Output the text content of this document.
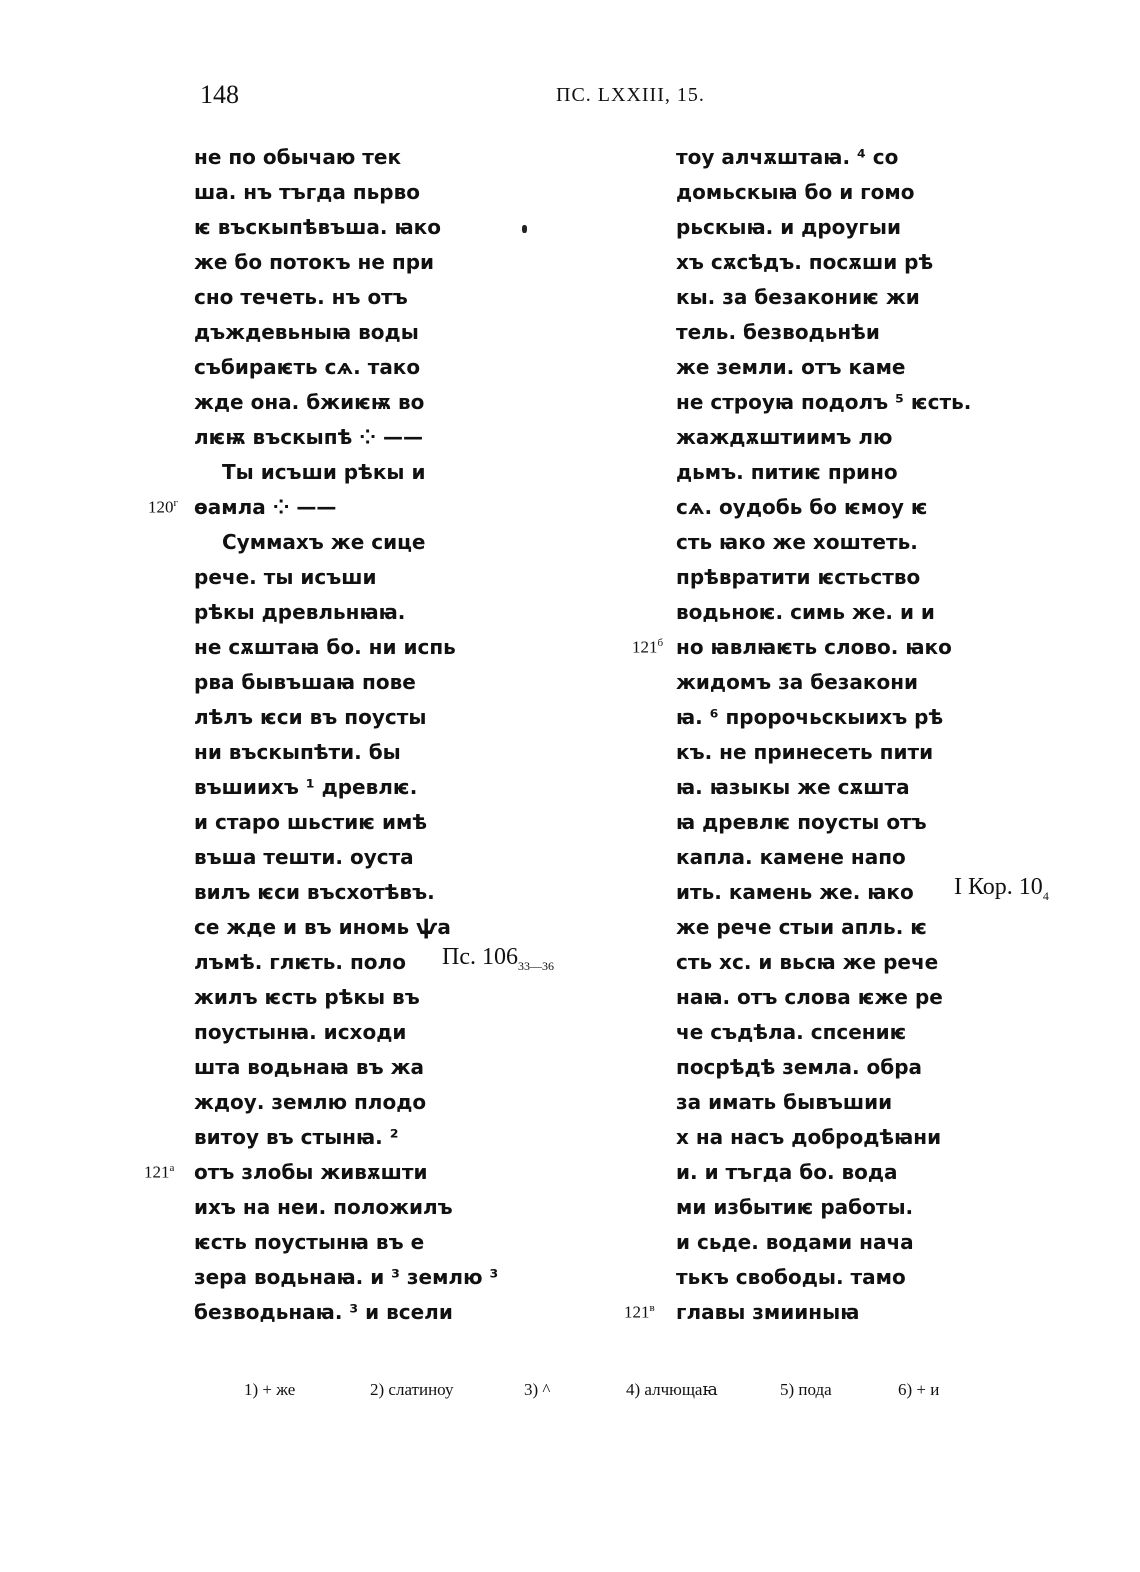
148	ПС. LXXIII, 15.
не по обычаю тек
ша. нъ тъгда пьрво
ѥ въскыпѣвъша. ꙗко
же бо потокъ не при
сно течеть. нъ отъ
дъждевьныꙗ воды
събираѥть сѧ. тако
жде она. бжиѥѭ во
лѥѭ въскыпѣ ⁘ ——
Ты исъши рѣкы и
ѳамла ⁘ ——
Суммахъ же сице
рече. ты исъши
рѣкы древльнꙗꙗ.
не сѫштаꙗ бо. ни испь
рва бывъшаꙗ пове
лѣлъ ѥси въ поусты
ни въскыпѣти. бы
въшиихъ ¹ древлѥ.
и старо шьстиѥ имѣ
въша тешти. оуста
вилъ ѥси въсхотѣвъ.
се жде и въ иномь ѱа
лъмѣ. глѥть. поло
жилъ ѥсть рѣкы въ
поустынꙗ. исходи
шта водьнаꙗ въ жа
ждоу. землю плодо
витоу въ стынꙗ. ²
отъ злобы живѫшти
ихъ на неи. положилъ
ѥсть поустынꙗ въ е
зера водьнаꙗ. и ³ землю ³
безводьнаꙗ. ³ и всели
тоу алчѫштаꙗ. ⁴ со
домьскыꙗ бо и гомо
рьскыꙗ. и дроугыи
хъ сѫсѣдъ. посѫши рѣ
кы. за безакониѥ жи
тель. безводьнѣи
же земли. отъ каме
не строуꙗ подолъ ⁵ ѥсть.
жаждѫштиимъ лю
дьмъ. питиѥ прино
сѧ. оудобь бо ѥмоу ѥ
сть ꙗко же хоштеть.
прѣвратити ѥстьство
водьноѥ. симь же. и и
но ꙗвлꙗѥть слово. ꙗко
жидомъ за безакони
ꙗ. ⁶ пророчьскыихъ рѣ
къ. не принесеть пити
ꙗ. ꙗзыкы же сѫшта
ꙗ древлѥ поусты отъ
капла. камене напо
ить. камень же. ꙗко
же рече стыи апль. ѥ
сть хс. и вьсꙗ же рече
наꙗ. отъ слова ѥже ре
че съдѣла. спсениѥ
посрѣдѣ земла. обра
за имать бывъшии
х на насъ добродѣꙗни
и. и тъгда бо. вода
ми избытиѥ работы.
и сьде. водами нача
тькъ свободы. тамо
главы змииныꙗ
$120^г$
$121^а$
$121^б$
$121^в$
Пс. $106_{33—36}$
I Кор. $10_4$
1) + же	2) слатиноу	3) ^	4) алчющаꙗ	5) пода	6) + и
